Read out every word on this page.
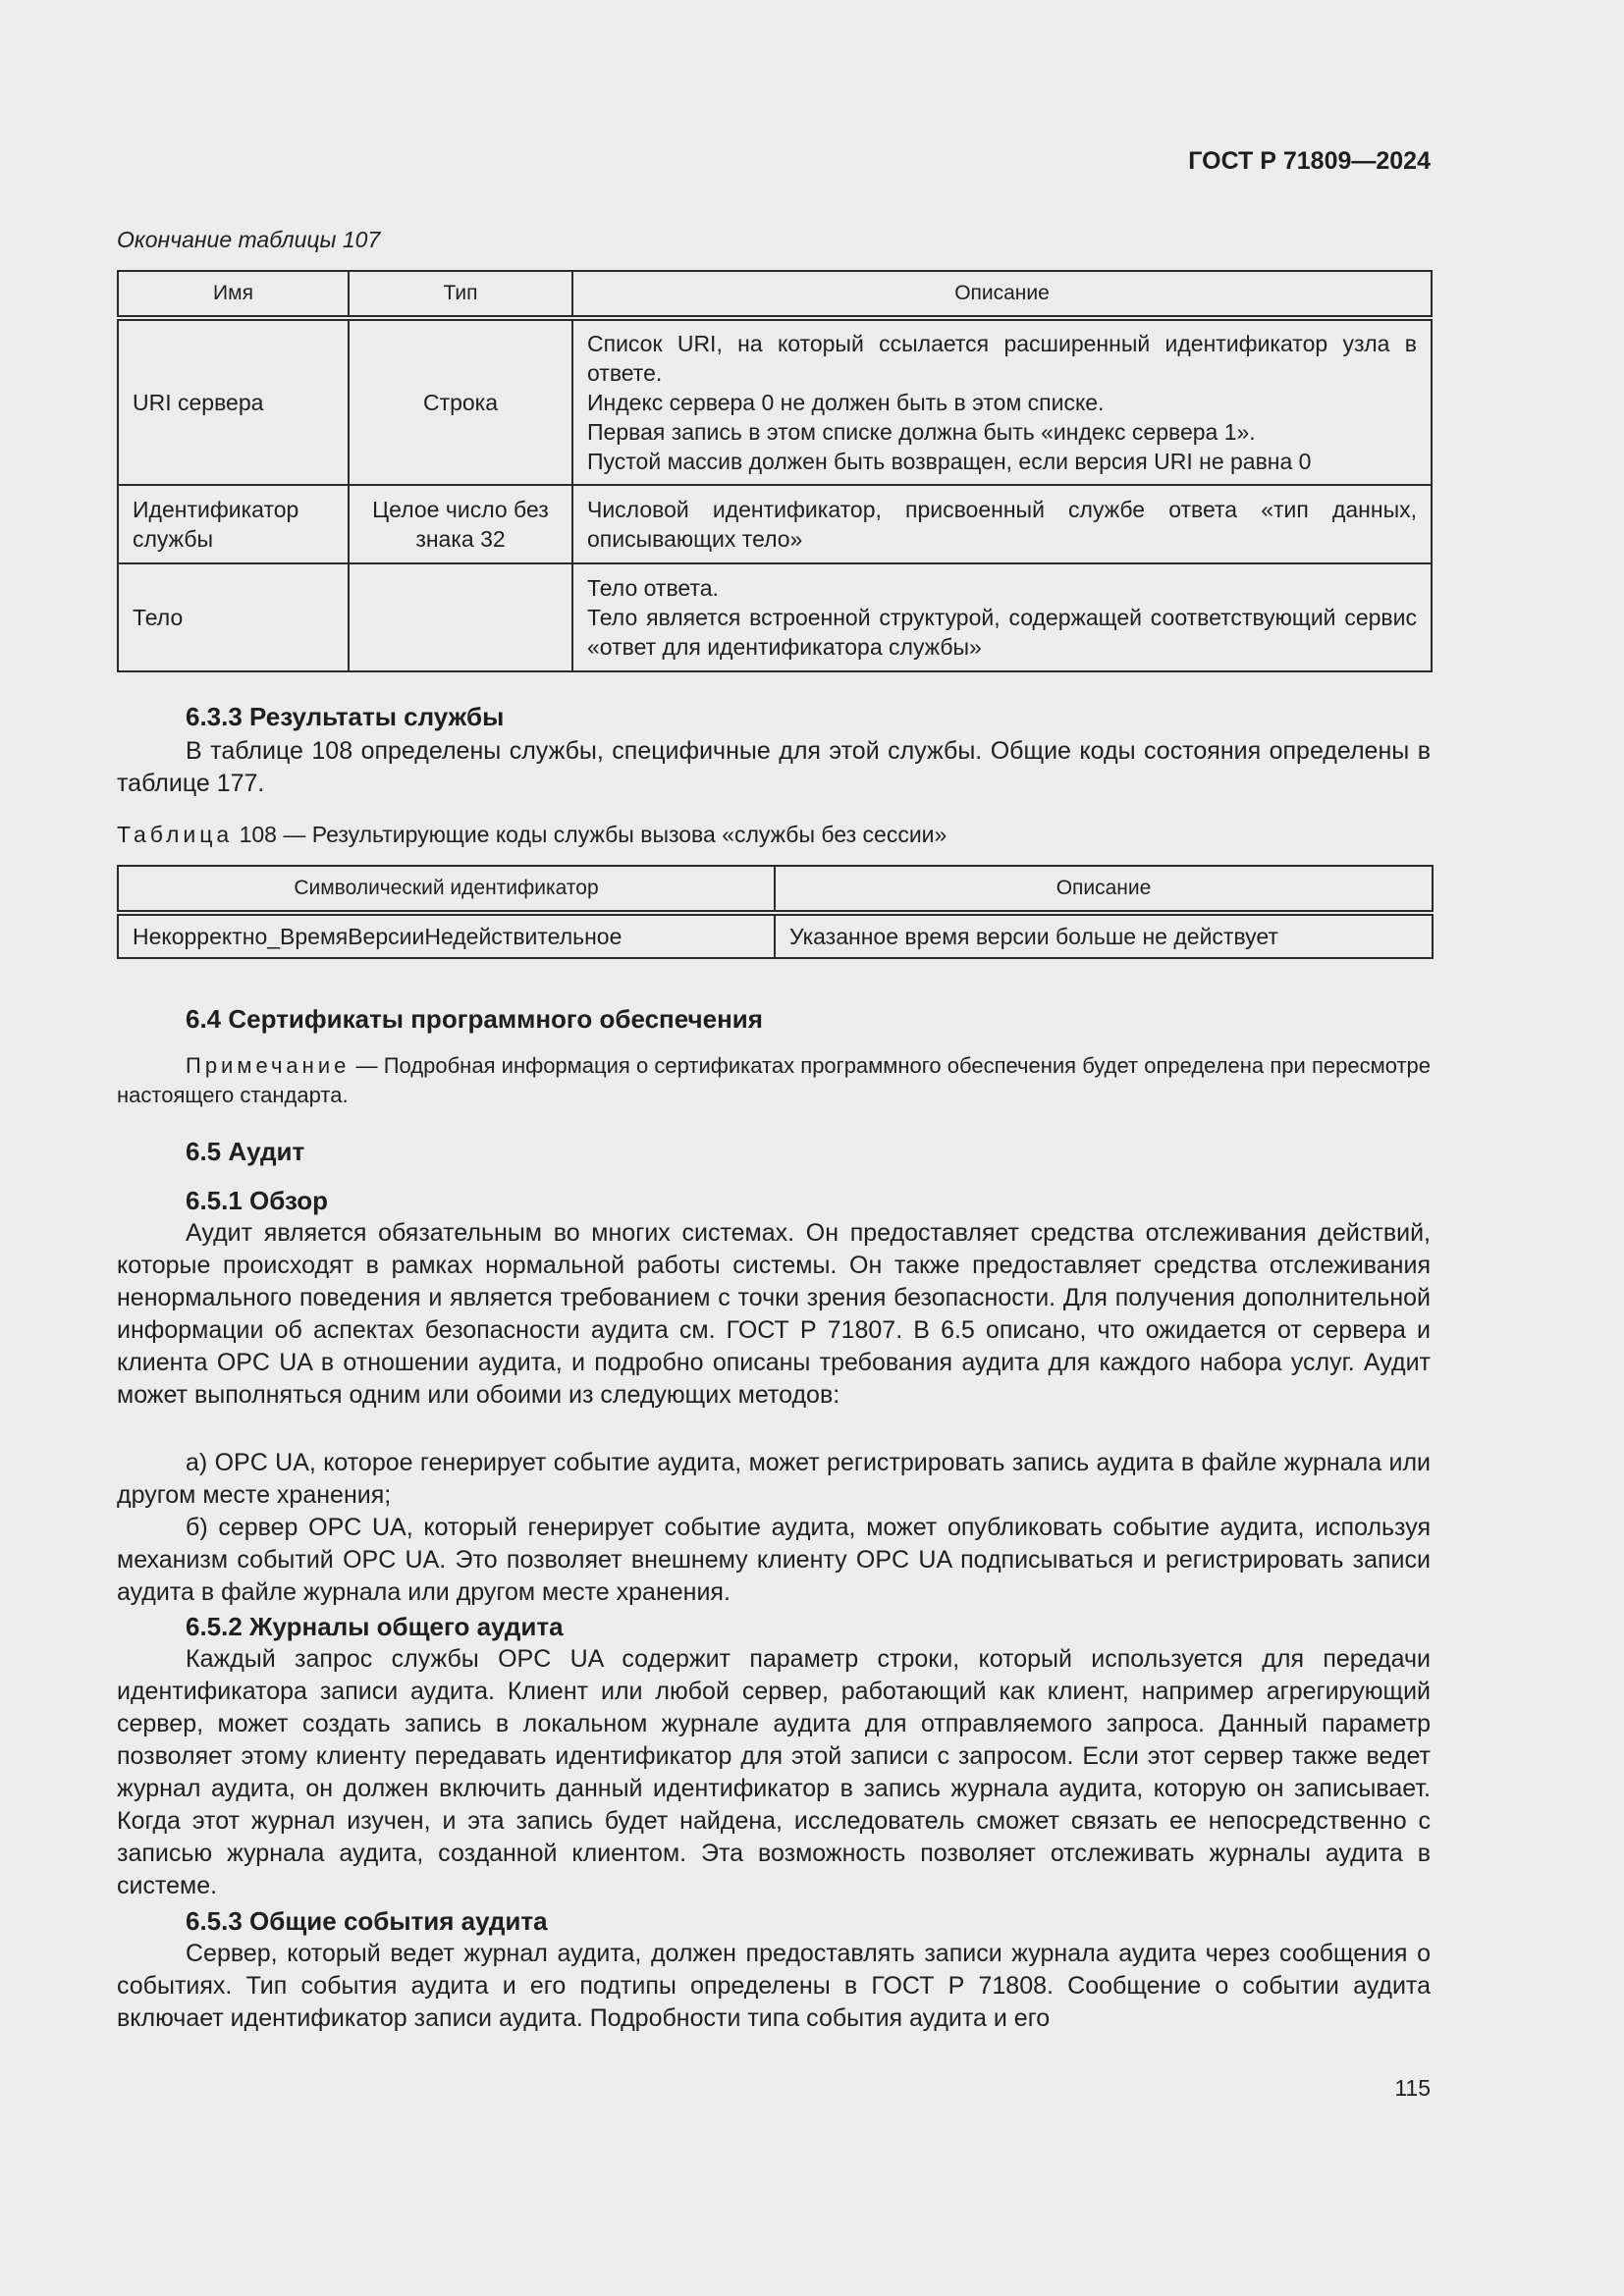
ГОСТ Р 71809—2024
Окончание таблицы 107
Имя	Тип	Описание
URI сервера	Строка	Список URI, на который ссылается расширенный идентификатор узла в ответе.
Индекс сервера 0 не должен быть в этом списке.
Первая запись в этом списке должна быть «индекс сервера 1».
Пустой массив должен быть возвращен, если версия URI не равна 0

Идентификатор службы	Целое число без знака 32	Числовой идентификатор, присвоенный службе ответа «тип данных, описывающих тело»

Тело		Тело ответа.
Тело является встроенной структурой, содержащей соответствующий сервис «ответ для идентификатора службы»
6.3.3 Результаты службы
В таблице 108 определены службы, специфичные для этой службы. Общие коды состояния определены в таблице 177.
Таблица 108 — Результирующие коды службы вызова «службы без сессии»
Символический идентификатор	Описание
Некорректно_ВремяВерсииНедействительное	Указанное время версии больше не действует
6.4 Сертификаты программного обеспечения
Примечание — Подробная информация о сертификатах программного обеспечения будет определена при пересмотре настоящего стандарта.
6.5 Аудит
6.5.1 Обзор
Аудит является обязательным во многих системах. Он предоставляет средства отслеживания действий, которые происходят в рамках нормальной работы системы. Он также предоставляет средства отслеживания ненормального поведения и является требованием с точки зрения безопасности. Для получения дополнительной информации об аспектах безопасности аудита см. ГОСТ Р 71807. В 6.5 описано, что ожидается от сервера и клиента OPC UA в отношении аудита, и подробно описаны требования аудита для каждого набора услуг. Аудит может выполняться одним или обоими из следующих методов:
а) OPC UA, которое генерирует событие аудита, может регистрировать запись аудита в файле журнала или другом месте хранения;
б) сервер OPC UA, который генерирует событие аудита, может опубликовать событие аудита, используя механизм событий OPC UA. Это позволяет внешнему клиенту OPC UA подписываться и регистрировать записи аудита в файле журнала или другом месте хранения.
6.5.2 Журналы общего аудита
Каждый запрос службы OPC UA содержит параметр строки, который используется для передачи идентификатора записи аудита. Клиент или любой сервер, работающий как клиент, например агрегирующий сервер, может создать запись в локальном журнале аудита для отправляемого запроса. Данный параметр позволяет этому клиенту передавать идентификатор для этой записи с запросом. Если этот сервер также ведет журнал аудита, он должен включить данный идентификатор в запись журнала аудита, которую он записывает. Когда этот журнал изучен, и эта запись будет найдена, исследователь сможет связать ее непосредственно с записью журнала аудита, созданной клиентом. Эта возможность позволяет отслеживать журналы аудита в системе.
6.5.3 Общие события аудита
Сервер, который ведет журнал аудита, должен предоставлять записи журнала аудита через сообщения о событиях. Тип события аудита и его подтипы определены в ГОСТ Р 71808. Сообщение о событии аудита включает идентификатор записи аудита. Подробности типа события аудита и его
115
